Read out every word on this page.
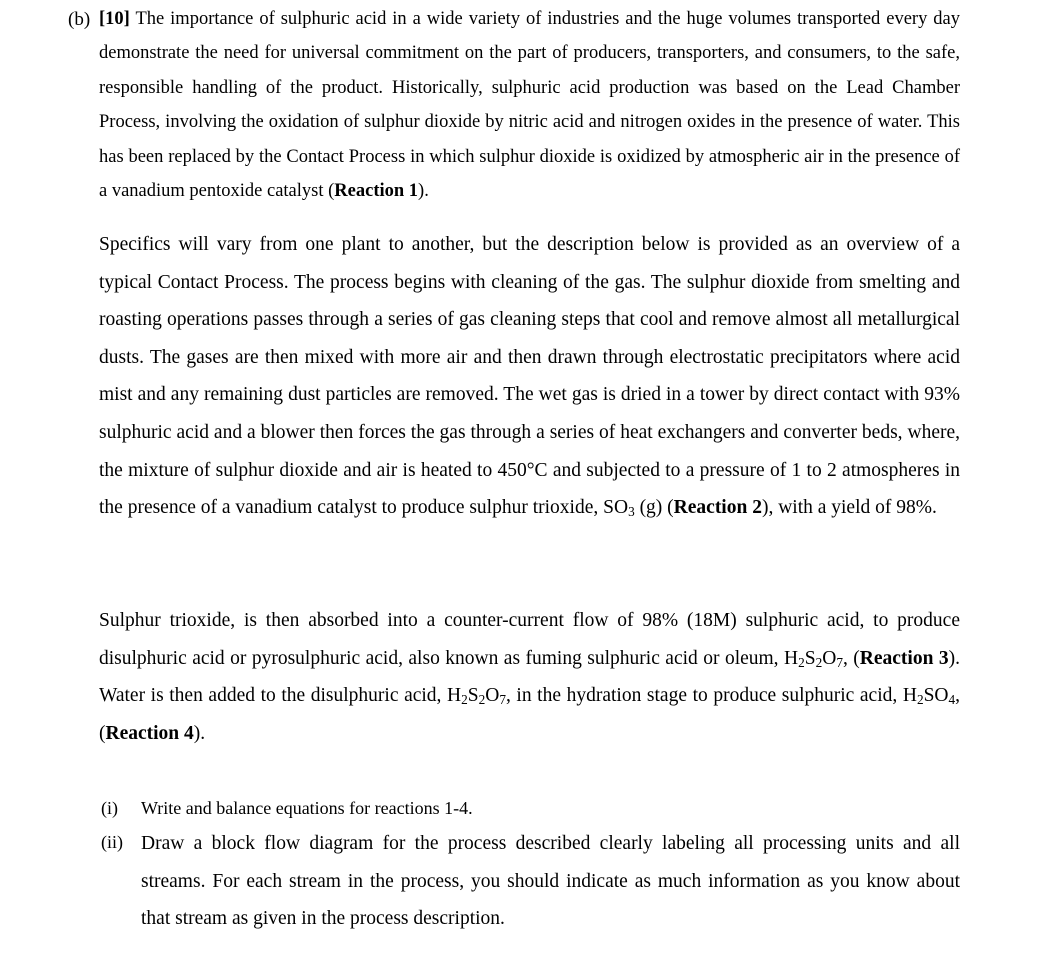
(b) [10] The importance of sulphuric acid in a wide variety of industries and the huge volumes transported every day demonstrate the need for universal commitment on the part of producers, transporters, and consumers, to the safe, responsible handling of the product. Historically, sulphuric acid production was based on the Lead Chamber Process, involving the oxidation of sulphur dioxide by nitric acid and nitrogen oxides in the presence of water. This has been replaced by the Contact Process in which sulphur dioxide is oxidized by atmospheric air in the presence of a vanadium pentoxide catalyst (Reaction 1).

Specifics will vary from one plant to another, but the description below is provided as an overview of a typical Contact Process. The process begins with cleaning of the gas. The sulphur dioxide from smelting and roasting operations passes through a series of gas cleaning steps that cool and remove almost all metallurgical dusts. The gases are then mixed with more air and then drawn through electrostatic precipitators where acid mist and any remaining dust particles are removed. The wet gas is dried in a tower by direct contact with 93% sulphuric acid and a blower then forces the gas through a series of heat exchangers and converter beds, where, the mixture of sulphur dioxide and air is heated to 450°C and subjected to a pressure of 1 to 2 atmospheres in the presence of a vanadium catalyst to produce sulphur trioxide, $SO_3$ (g) (Reaction 2), with a yield of 98%.

Sulphur trioxide, is then absorbed into a counter-current flow of 98% (18M) sulphuric acid, to produce disulphuric acid or pyrosulphuric acid, also known as fuming sulphuric acid or oleum, $H_2S_2O_7$, (Reaction 3). Water is then added to the disulphuric acid, $H_2S_2O_7$, in the hydration stage to produce sulphuric acid, $H_2SO_4$, (Reaction 4).

(i) Write and balance equations for reactions 1-4.

(ii) Draw a block flow diagram for the process described clearly labeling all processing units and all streams. For each stream in the process, you should indicate as much information as you know about that stream as given in the process description.
